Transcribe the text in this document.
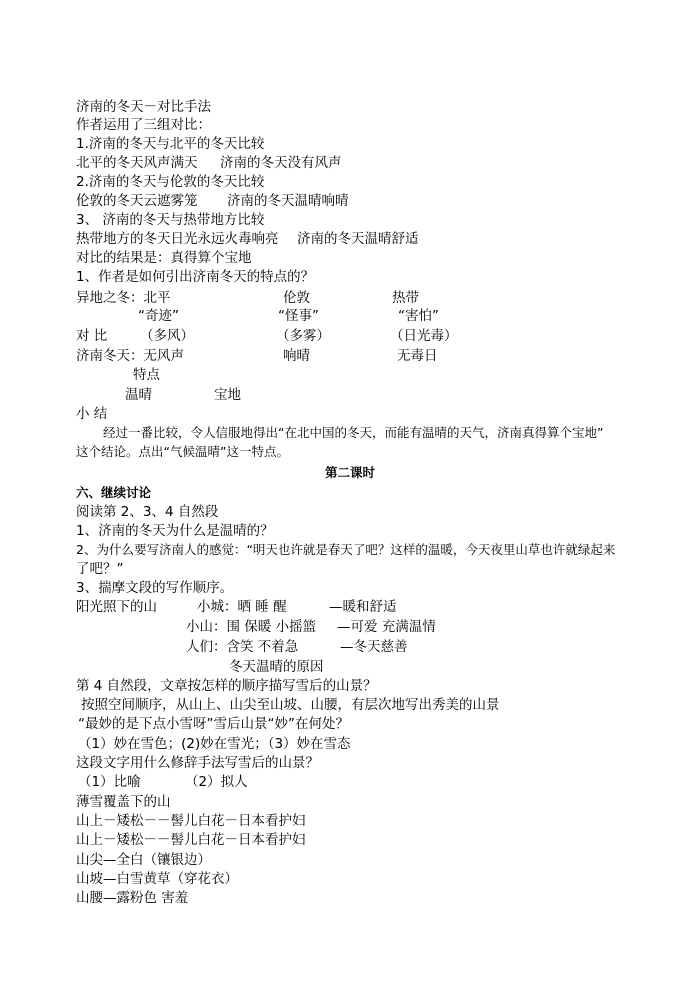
济南的冬天－对比手法
作者运用了三组对比：
1.济南的冬天与北平的冬天比较
北平的冬天风声满天 济南的冬天没有风声
2.济南的冬天与伦敦的冬天比较
伦敦的冬天云遮雾笼 济南的冬天温晴响晴
3、 济南的冬天与热带地方比较
热带地方的冬天日光永远火毒响亮 济南的冬天温晴舒适
对比的结果是：真得算个宝地
1、作者是如何引出济南冬天的特点的？
异地之冬：北平	伦敦	热带
“奇迹”	“怪事”	“害怕”
对 比 （多风）	（多雾）	（日光毒）
济南冬天：无风声	响晴	无毒日
特点
温晴	宝地
小 结
经过一番比较，令人信服地得出“在北中国的冬天，而能有温晴的天气，济南真得算个宝地”
这个结论。点出“气候温晴”这一特点。
第二课时
六、继续讨论
阅读第 2、3、4 自然段
1、济南的冬天为什么是温晴的？
2、为什么要写济南人的感觉：“明天也许就是春天了吧？这样的温暖，今天夜里山草也许就绿起来
了吧？”
3、揣摩文段的写作顺序。
阳光照下的山	小城：晒 睡 醒	—暖和舒适
小山：围 保暖 小摇篮 —可爱 充满温情
人们：含笑 不着急	—冬天慈善
冬天温晴的原因
第 4 自然段，文章按怎样的顺序描写雪后的山景？
按照空间顺序，从山上、山尖至山坡、山腰，有层次地写出秀美的山景
“最妙的是下点小雪呀”雪后山景“妙”在何处？
（1）妙在雪色；(2)妙在雪光；（3）妙在雪态
这段文字用什么修辞手法写雪后的山景？
（1）比喻	（2）拟人
薄雪覆盖下的山
山上－矮松－－髻儿白花－日本看护妇
山上－矮松－－髻儿白花－日本看护妇
山尖—全白（镶银边）
山坡—白雪黄草（穿花衣）
山腰—露粉色 害羞
